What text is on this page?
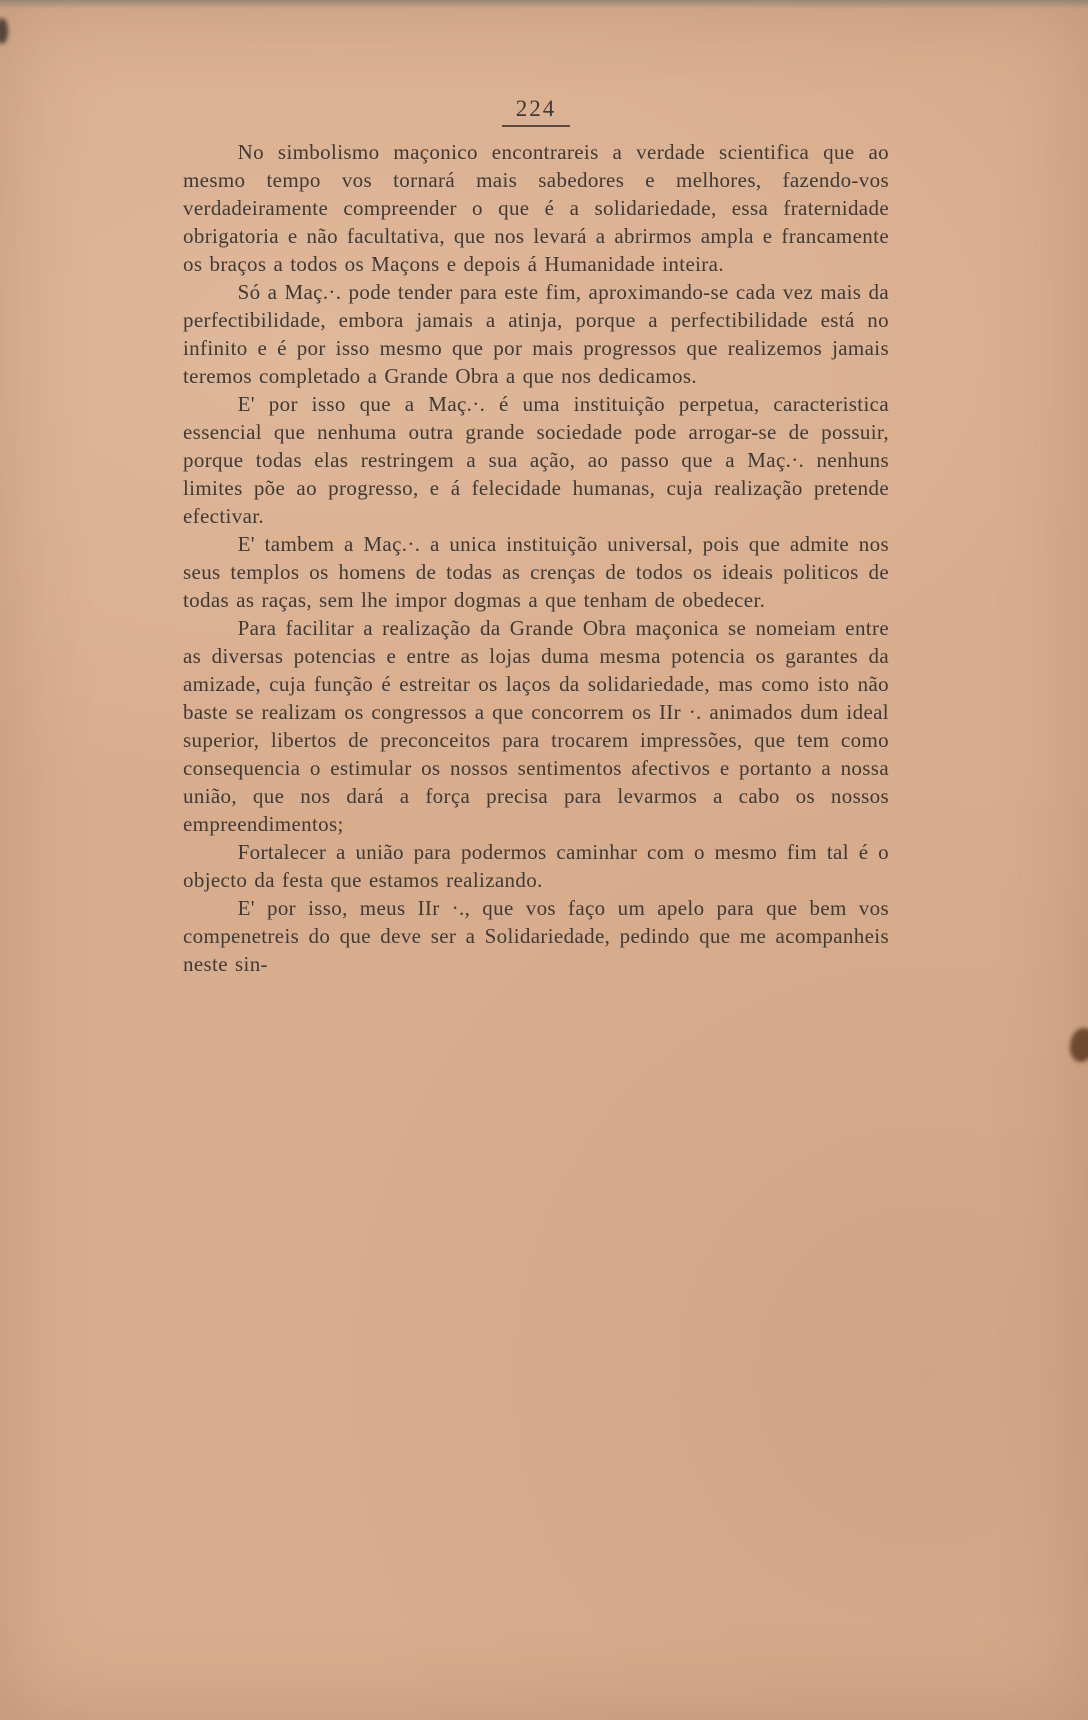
224

No simbolismo maçonico encontrareis a verdade scientifica que ao mesmo tempo vos tornará mais sabedores e melhores, fazendo-vos verdadeiramente compreender o que é a solidariedade, essa fraternidade obrigatoria e não facultativa, que nos levará a abrirmos ampla e francamente os braços a todos os Maçons e depois á Humanidade inteira.

Só a Maç.·. pode tender para este fim, aproximando-se cada vez mais da perfectibilidade, embora jamais a atinja, porque a perfectibilidade está no infinito e é por isso mesmo que por mais progressos que realizemos jamais teremos completado a Grande Obra a que nos dedicamos.

E' por isso que a Maç.·. é uma instituição perpetua, caracteristica essencial que nenhuma outra grande sociedade pode arrogar-se de possuir, porque todas elas restringem a sua ação, ao passo que a Maç.·. nenhuns limites põe ao progresso, e á felecidade humanas, cuja realização pretende efectivar.

E' tambem a Maç.·. a unica instituição universal, pois que admite nos seus templos os homens de todas as crenças de todos os ideais politicos de todas as raças, sem lhe impor dogmas a que tenham de obedecer.

Para facilitar a realização da Grande Obra maçonica se nomeiam entre as diversas potencias e entre as lojas duma mesma potencia os garantes da amizade, cuja função é estreitar os laços da solidariedade, mas como isto não baste se realizam os congressos a que concorrem os IIr ·. animados dum ideal superior, libertos de preconceitos para trocarem impressões, que tem como consequencia o estimular os nossos sentimentos afectivos e portanto a nossa união, que nos dará a força precisa para levarmos a cabo os nossos empreendimentos;

Fortalecer a união para podermos caminhar com o mesmo fim tal é o objecto da festa que estamos realizando.

E' por isso, meus IIr ·., que vos faço um apelo para que bem vos compenetreis do que deve ser a Solidariedade, pedindo que me acompanheis neste sin-
